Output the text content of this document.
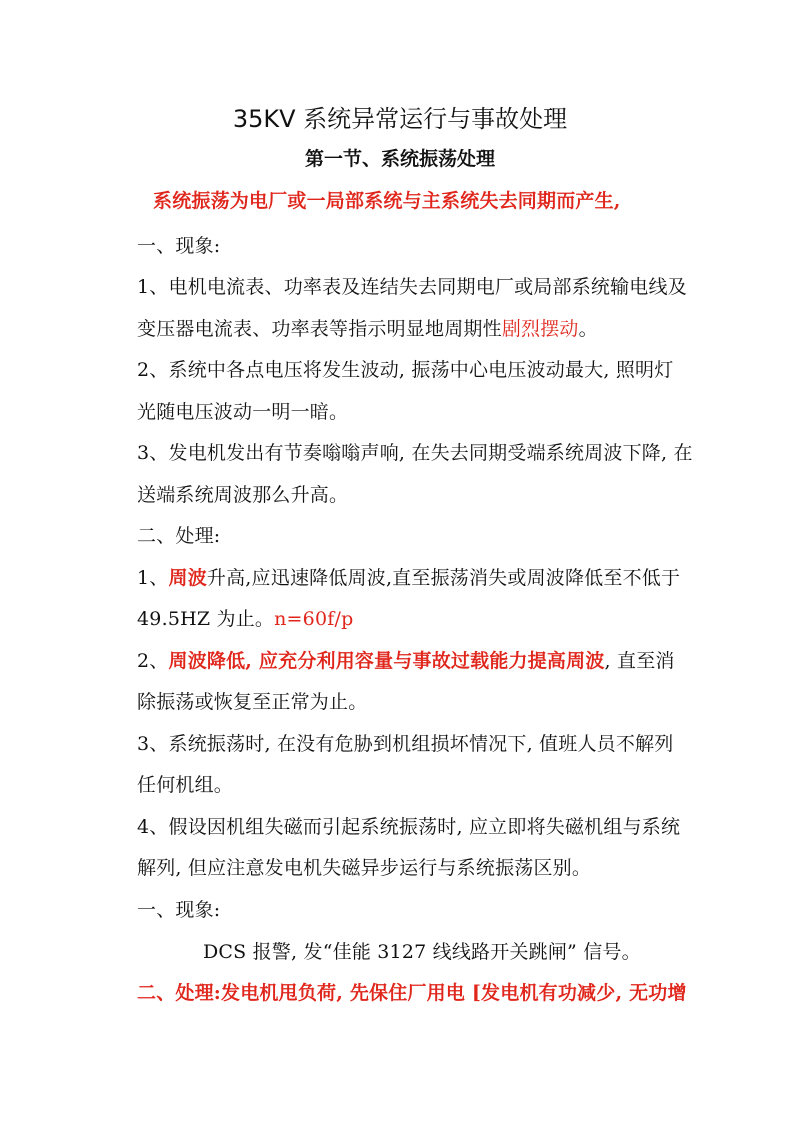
35KV 系统异常运行与事故处理
第一节、系统振荡处理
系统振荡为电厂或一局部系统与主系统失去同期而产生,
一、现象:
1、电机电流表、功率表及连结失去同期电厂或局部系统输电线及
变压器电流表、功率表等指示明显地周期性剧烈摆动。
2、系统中各点电压将发生波动, 振荡中心电压波动最大, 照明灯
光随电压波动一明一暗。
3、发电机发出有节奏嗡嗡声响, 在失去同期受端系统周波下降, 在
送端系统周波那么升高。
二、处理:
1、周波升高,应迅速降低周波,直至振荡消失或周波降低至不低于
49.5HZ 为止。n=60f/p
2、周波降低, 应充分利用容量与事故过载能力提高周波, 直至消
除振荡或恢复至正常为止。
3、系统振荡时, 在没有危胁到机组损坏情况下, 值班人员不解列
任何机组。
4、假设因机组失磁而引起系统振荡时, 应立即将失磁机组与系统
解列, 但应注意发电机失磁异步运行与系统振荡区别。
一、现象:
DCS 报警, 发“佳能 3127 线线路开关跳闸” 信号。
二、处理:发电机甩负荷, 先保住厂用电 [发电机有功减少, 无功增
